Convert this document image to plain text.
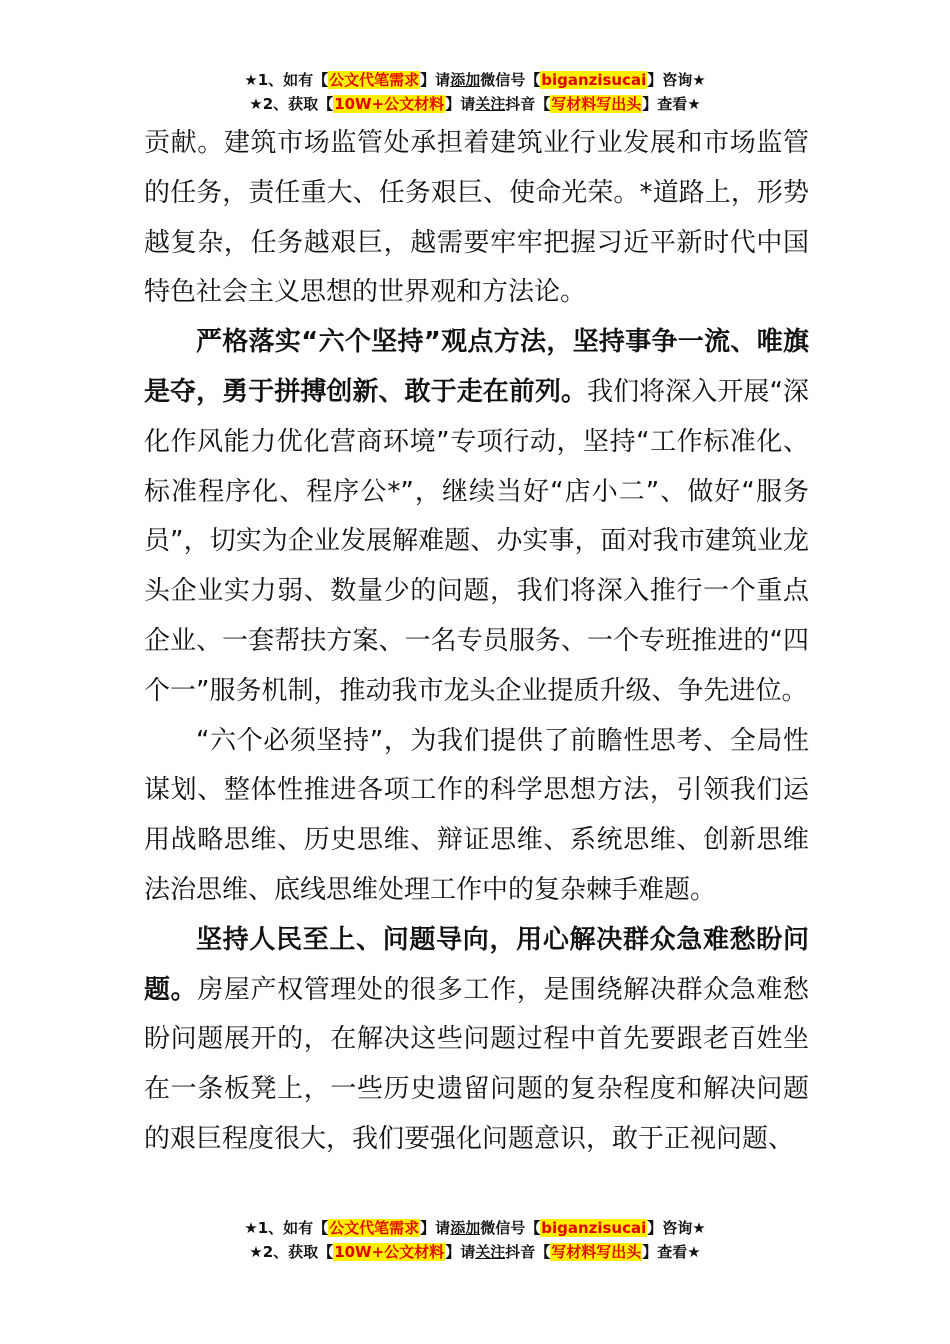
★1、如有【公文代笔需求】请添加微信号【biganzisucai】咨询★
★2、获取【10W+公文材料】请关注抖音【写材料写出头】查看★

贡献。建筑市场监管处承担着建筑业行业发展和市场监管的任务，责任重大、任务艰巨、使命光荣。*道路上，形势越复杂，任务越艰巨，越需要牢牢把握习近平新时代中国特色社会主义思想的世界观和方法论。

严格落实“六个坚持”观点方法，坚持事争一流、唯旗是夺，勇于拼搏创新、敢于走在前列。我们将深入开展“深化作风能力优化营商环境”专项行动，坚持“工作标准化、标准程序化、程序公*”，继续当好“店小二”、做好“服务员”，切实为企业发展解难题、办实事，面对我市建筑业龙头企业实力弱、数量少的问题，我们将深入推行一个重点企业、一套帮扶方案、一名专员服务、一个专班推进的“四个一”服务机制，推动我市龙头企业提质升级、争先进位。

“六个必须坚持”，为我们提供了前瞻性思考、全局性谋划、整体性推进各项工作的科学思想方法，引领我们运用战略思维、历史思维、辩证思维、系统思维、创新思维法治思维、底线思维处理工作中的复杂棘手难题。

坚持人民至上、问题导向，用心解决群众急难愁盼问题。房屋产权管理处的很多工作，是围绕解决群众急难愁盼问题展开的，在解决这些问题过程中首先要跟老百姓坐在一条板凳上，一些历史遗留问题的复杂程度和解决问题的艰巨程度很大，我们要强化问题意识，敢于正视问题、

★1、如有【公文代笔需求】请添加微信号【biganzisucai】咨询★
★2、获取【10W+公文材料】请关注抖音【写材料写出头】查看★
